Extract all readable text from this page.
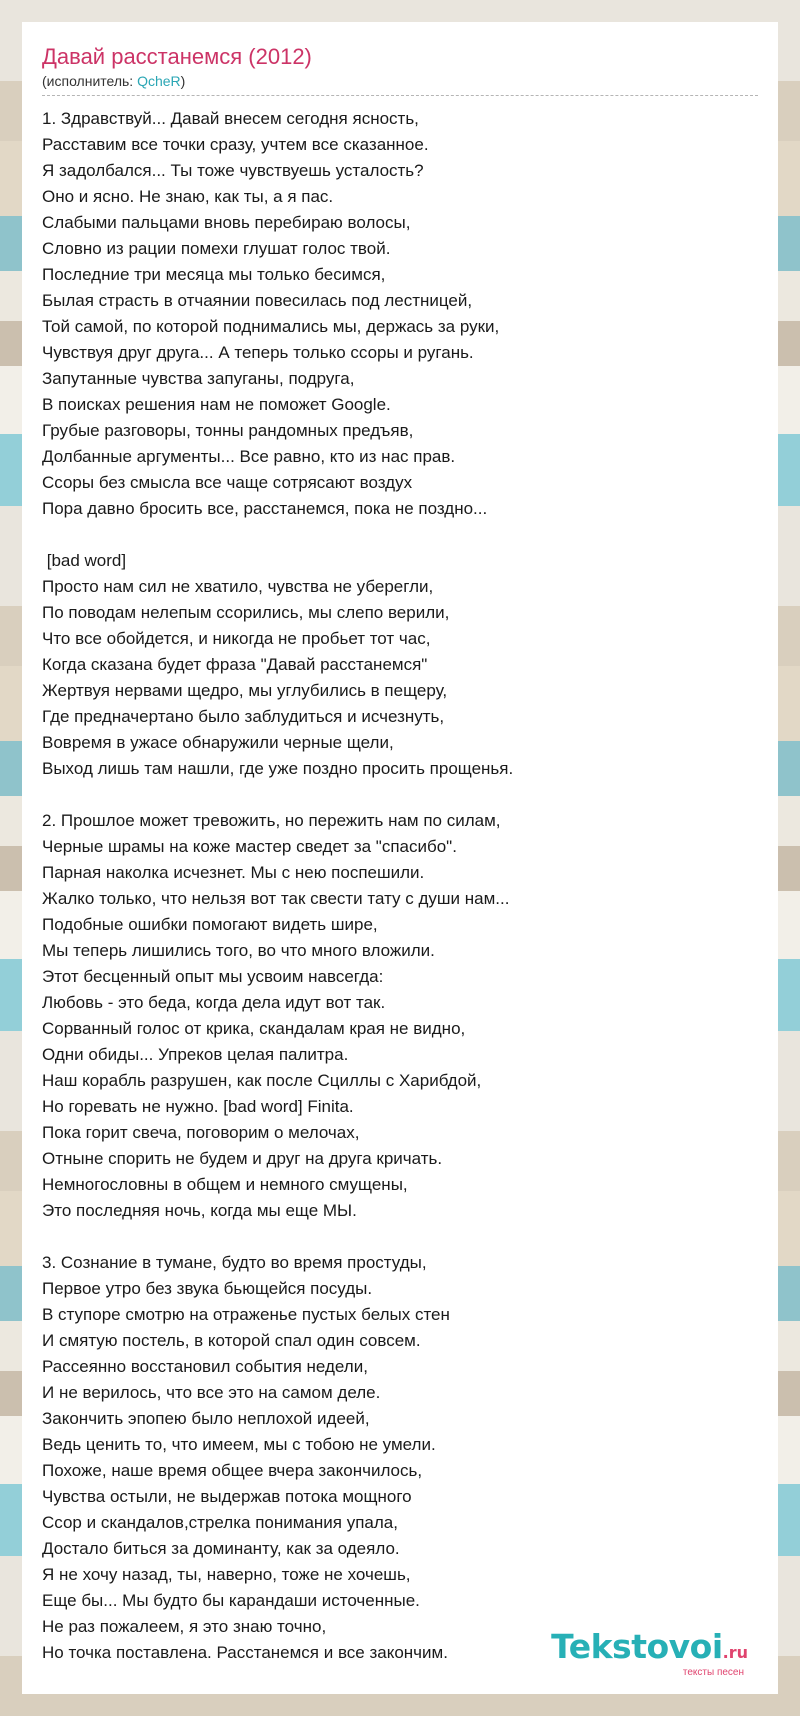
Давай расстанемся (2012)
(исполнитель: QcheR)
1. Здравствуй... Давай внесем сегодня ясность,
Расставим все точки сразу, учтем все сказанное.
Я задолбался... Ты тоже чувствуешь усталость?
Оно и ясно. Не знаю, как ты, а я пас.
Слабыми пальцами вновь перебираю волосы,
Словно из рации помехи глушат голос твой.
Последние три месяца мы только бесимся,
Былая страсть в отчаянии повесилась под лестницей,
Той самой, по которой поднимались мы, держась за руки,
Чувствуя друг друга... А теперь только ссоры и ругань.
Запутанные чувства запуганы, подруга,
В поисках решения нам не поможет Google.
Грубые разговоры, тонны рандомных предъяв,
Долбанные аргументы... Все равно, кто из нас прав.
Ссоры без смысла все чаще сотрясают воздух
Пора давно бросить все, расстанемся, пока не поздно...
[bad word]
Просто нам сил не хватило, чувства не уберегли,
По поводам нелепым ссорились, мы слепо верили,
Что все обойдется, и никогда не пробьет тот час,
Когда сказана будет фраза "Давай расстанемся"
Жертвуя нервами щедро, мы углубились в пещеру,
Где предначертано было заблудиться и исчезнуть,
Вовремя в ужасе обнаружили черные щели,
Выход лишь там нашли, где уже поздно просить прощенья.
2. Прошлое может тревожить, но пережить нам по силам,
Черные шрамы на коже мастер сведет за "спасибо".
Парная наколка исчезнет. Мы с нею поспешили.
Жалко только, что нельзя вот так свести тату с души нам...
Подобные ошибки помогают видеть шире,
Мы теперь лишились того, во что много вложили.
Этот бесценный опыт мы усвоим навсегда:
Любовь - это беда, когда дела идут вот так.
Сорванный голос от крика, скандалам края не видно,
Одни обиды... Упреков целая палитра.
Наш корабль разрушен, как после Сциллы с Харибдой,
Но горевать не нужно. [bad word] Finita.
Пока горит свеча, поговорим о мелочах,
Отныне спорить не будем и друг на друга кричать.
Немногословны в общем и немного смущены,
Это последняя ночь, когда мы еще МЫ.
3. Сознание в тумане, будто во время простуды,
Первое утро без звука бьющейся посуды.
В ступоре смотрю на отраженье пустых белых стен
И смятую постель, в которой спал один совсем.
Рассеянно восстановил события недели,
И не верилось, что все это на самом деле.
Закончить эпопею было неплохой идеей,
Ведь ценить то, что имеем, мы с тобою не умели.
Похоже, наше время общее вчера закончилось,
Чувства остыли, не выдержав потока мощного
Ссор и скандалов,стрелка понимания упала,
Достало биться за доминанту, как за одеяло.
Я не хочу назад, ты, наверно, тоже не хочешь,
Еще бы... Мы будто бы карандаши источенные.
Не раз пожалеем, я это знаю точно,
Но точка поставлена. Расстанемся и все закончим.	Tekstovoi.ru
тексты песен
